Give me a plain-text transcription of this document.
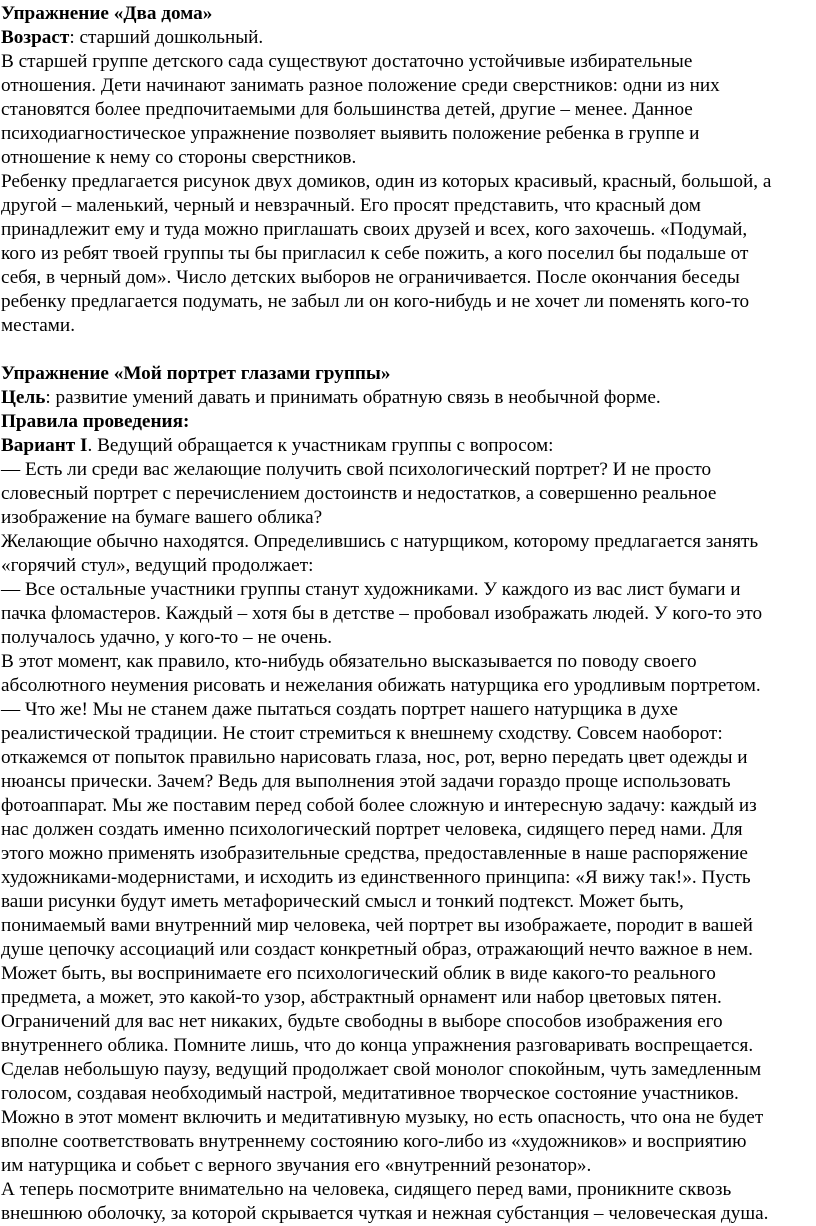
Упражнение «Два дома»
Возраст: старший дошкольный.
В старшей группе детского сада существуют достаточно устойчивые избирательные
отношения. Дети начинают занимать разное положение среди сверстников: одни из них
становятся более предпочитаемыми для большинства детей, другие – менее. Данное
психодиагностическое упражнение позволяет выявить положение ребенка в группе и
отношение к нему со стороны сверстников.
Ребенку предлагается рисунок двух домиков, один из которых красивый, красный, большой, а
другой – маленький, черный и невзрачный. Его просят представить, что красный дом
принадлежит ему и туда можно приглашать своих друзей и всех, кого захочешь. «Подумай,
кого из ребят твоей группы ты бы пригласил к себе пожить, а кого поселил бы подальше от
себя, в черный дом». Число детских выборов не ограничивается. После окончания беседы
ребенку предлагается подумать, не забыл ли он кого-нибудь и не хочет ли поменять кого-то
местами.
Упражнение «Мой портрет глазами группы»
Цель: развитие умений давать и принимать обратную связь в необычной форме.
Правила проведения:
Вариант I. Ведущий обращается к участникам группы с вопросом:
— Есть ли среди вас желающие получить свой психологический портрет? И не просто
словесный портрет с перечислением достоинств и недостатков, а совершенно реальное
изображение на бумаге вашего облика?
Желающие обычно находятся. Определившись с натурщиком, которому предлагается занять
«горячий стул», ведущий продолжает:
— Все остальные участники группы станут художниками. У каждого из вас лист бумаги и
пачка фломастеров. Каждый – хотя бы в детстве – пробовал изображать людей. У кого-то это
получалось удачно, у кого-то – не очень.
В этот момент, как правило, кто-нибудь обязательно высказывается по поводу своего
абсолютного неумения рисовать и нежелания обижать натурщика его уродливым портретом.
— Что же! Мы не станем даже пытаться создать портрет нашего натурщика в духе
реалистической традиции. Не стоит стремиться к внешнему сходству. Совсем наоборот:
откажемся от попыток правильно нарисовать глаза, нос, рот, верно передать цвет одежды и
нюансы прически. Зачем? Ведь для выполнения этой задачи гораздо проще использовать
фотоаппарат. Мы же поставим перед собой более сложную и интересную задачу: каждый из
нас должен создать именно психологический портрет человека, сидящего перед нами. Для
этого можно применять изобразительные средства, предоставленные в наше распоряжение
художниками-модернистами, и исходить из единственного принципа: «Я вижу так!». Пусть
ваши рисунки будут иметь метафорический смысл и тонкий подтекст. Может быть,
понимаемый вами внутренний мир человека, чей портрет вы изображаете, породит в вашей
душе цепочку ассоциаций или создаст конкретный образ, отражающий нечто важное в нем.
Может быть, вы воспринимаете его психологический облик в виде какого-то реального
предмета, а может, это какой-то узор, абстрактный орнамент или набор цветовых пятен.
Ограничений для вас нет никаких, будьте свободны в выборе способов изображения его
внутреннего облика. Помните лишь, что до конца упражнения разговаривать воспрещается.
Сделав небольшую паузу, ведущий продолжает свой монолог спокойным, чуть замедленным
голосом, создавая необходимый настрой, медитативное творческое состояние участников.
Можно в этот момент включить и медитативную музыку, но есть опасность, что она не будет
вполне соответствовать внутреннему состоянию кого-либо из «художников» и восприятию
им натурщика и собьет с верного звучания его «внутренний резонатор».
А теперь посмотрите внимательно на человека, сидящего перед вами, проникните сквозь
внешнюю оболочку, за которой скрывается чуткая и нежная субстанция – человеческая душа.
